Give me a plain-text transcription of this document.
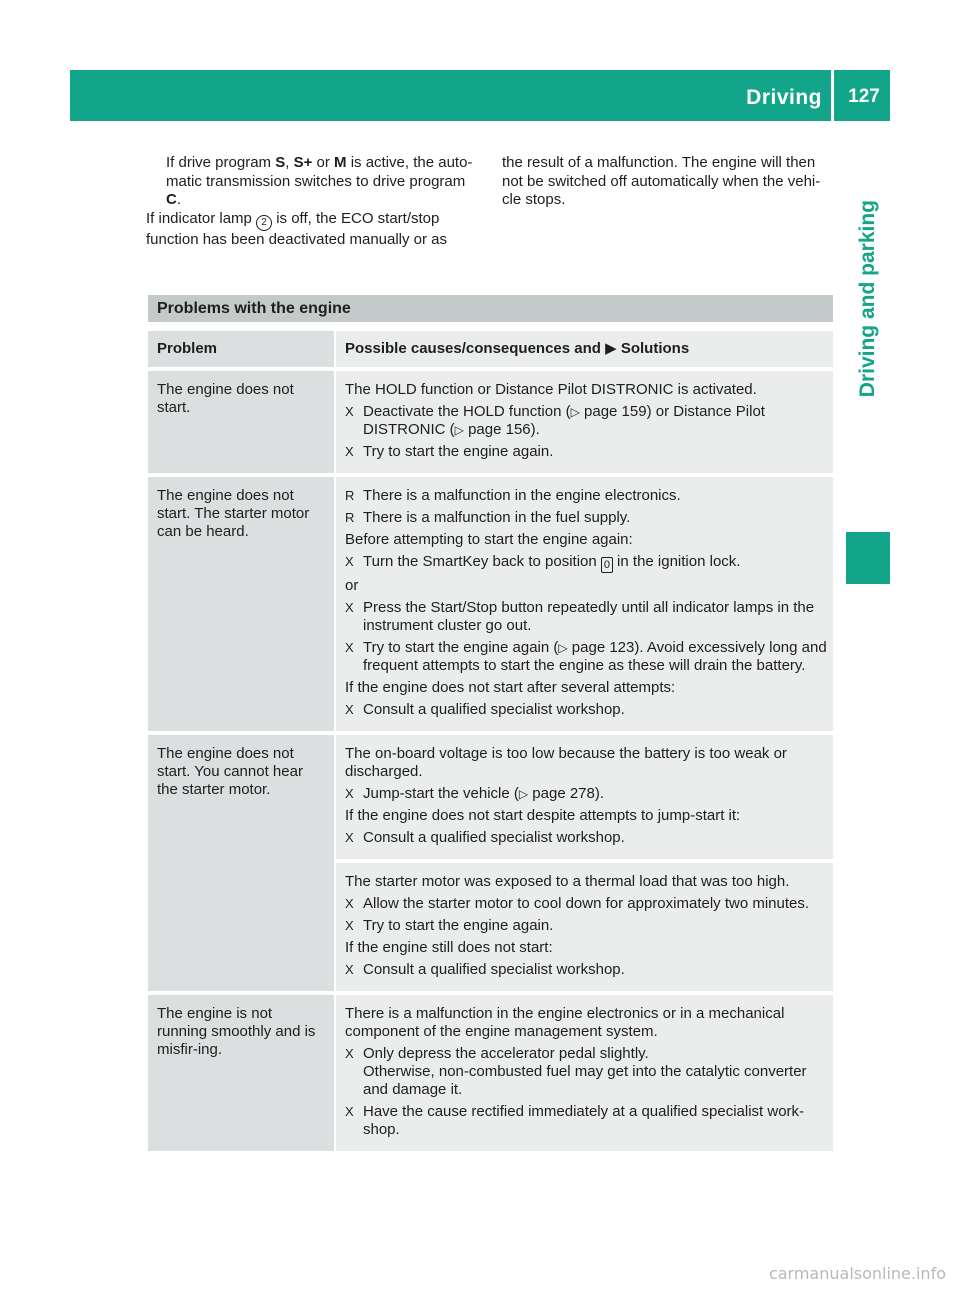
Driving	127
Driving and parking

If drive program S, S+ or M is active, the auto-matic transmission switches to drive program C.

If indicator lamp 2 is off, the ECO start/stop function has been deactivated manually or as

the result of a malfunction. The engine will then not be switched off automatically when the vehi-cle stops.

Problems with the engine
Problem	Possible causes/consequences and ▶ Solutions
The engine does not start.

The HOLD function or Distance Pilot DISTRONIC is activated.

X Deactivate the HOLD function (▷ page 159) or Distance Pilot DISTRONIC (▷ page 156).
X Try to start the engine again.
The engine does not start. The starter motor can be heard.
R There is a malfunction in the engine electronics.
R There is a malfunction in the fuel supply.

Before attempting to start the engine again:

X Turn the SmartKey back to position 0 in the ignition lock.

or

X Press the Start/Stop button repeatedly until all indicator lamps in the instrument cluster go out.
X Try to start the engine again (▷ page 123). Avoid excessively long and frequent attempts to start the engine as these will drain the battery.

If the engine does not start after several attempts:

X Consult a qualified specialist workshop.
The engine does not start. You cannot hear the starter motor.

The on-board voltage is too low because the battery is too weak or discharged.

X Jump-start the vehicle (▷ page 278).

If the engine does not start despite attempts to jump-start it:

X Consult a qualified specialist workshop.

The starter motor was exposed to a thermal load that was too high.

X Allow the starter motor to cool down for approximately two minutes.
X Try to start the engine again.

If the engine still does not start:

X Consult a qualified specialist workshop.
The engine is not running smoothly and is misfir-ing.

There is a malfunction in the engine electronics or in a mechanical component of the engine management system.

X Only depress the accelerator pedal slightly.
Otherwise, non-combusted fuel may get into the catalytic converter and damage it.
X Have the cause rectified immediately at a qualified specialist work-shop.
carmanualsonline.info
